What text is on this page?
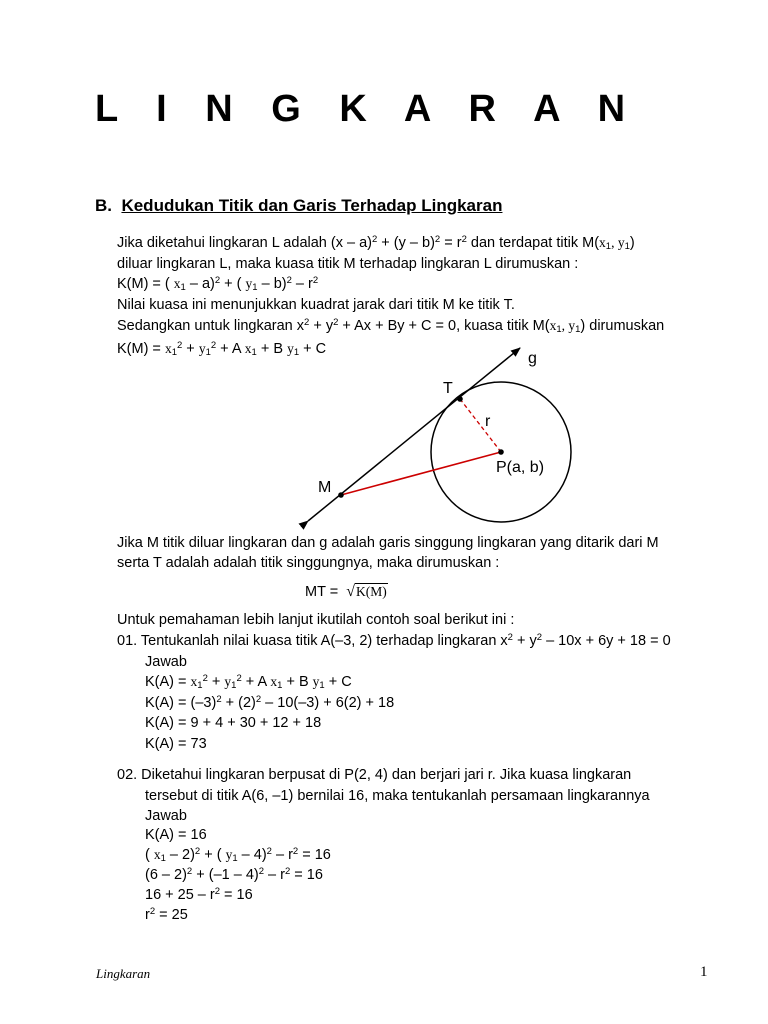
L I N G K A R A N
B. Kedudukan Titik dan Garis Terhadap Lingkaran
Jika diketahui lingkaran L adalah $(x - a)^2 + (y - b)^2 = r^2$ dan terdapat titik $M(x_1$, $y_1$)
diluar lingkaran L, maka kuasa titik M terhadap lingkaran L dirumuskan :
K(M) = ( $x_1 - a)^2$ + ( $y_1 - b)^2 - r^2$
Nilai kuasa ini menunjukkan kuadrat jarak dari titik M ke titik T.
Sedangkan untuk lingkaran $x^2 + y^2 + Ax + By + C = 0$, kuasa titik $M(x_1$, $y_1$) dirumuskan
$K(M) = x_1^2 + y_1^2 + A$ $x_1 + B$ $y_1 + C$
g
T
r
P(a, b)
M
Jika M titik diluar lingkaran dan g adalah garis singgung lingkaran yang ditarik dari M
serta T adalah adalah titik singgungnya, maka dirumuskan :
MT = √K(M)
Untuk pemahaman lebih lanjut ikutilah contoh soal berikut ini :
01. Tentukanlah nilai kuasa titik A(–3, 2) terhadap lingkaran $x^2 + y^2 - 10x + 6y + 18 = 0$
Jawab
$K(A) = x_1^2 + y_1^2 + A$ $x_1 + B$ $y_1 + C$
$K(A) = (-3)^2 + (2)^2 - 10(-3) + 6(2) + 18$
K(A) = 9 + 4 + 30 + 12 + 18
K(A) = 73
02. Diketahui lingkaran berpusat di P(2, 4) dan berjari jari r. Jika kuasa lingkaran
tersebut di titik A(6, –1) bernilai 16, maka tentukanlah persamaan lingkarannya
Jawab
K(A) = 16
( $x_1 - 2)^2$ + ( $y_1 - 4)^2 - r^2 = 16$
$(6 - 2)^2 + (-1 - 4)^2 - r^2 = 16$
$16 + 25 - r^2 = 16$
$r^2 = 25$
Lingkaran	1
